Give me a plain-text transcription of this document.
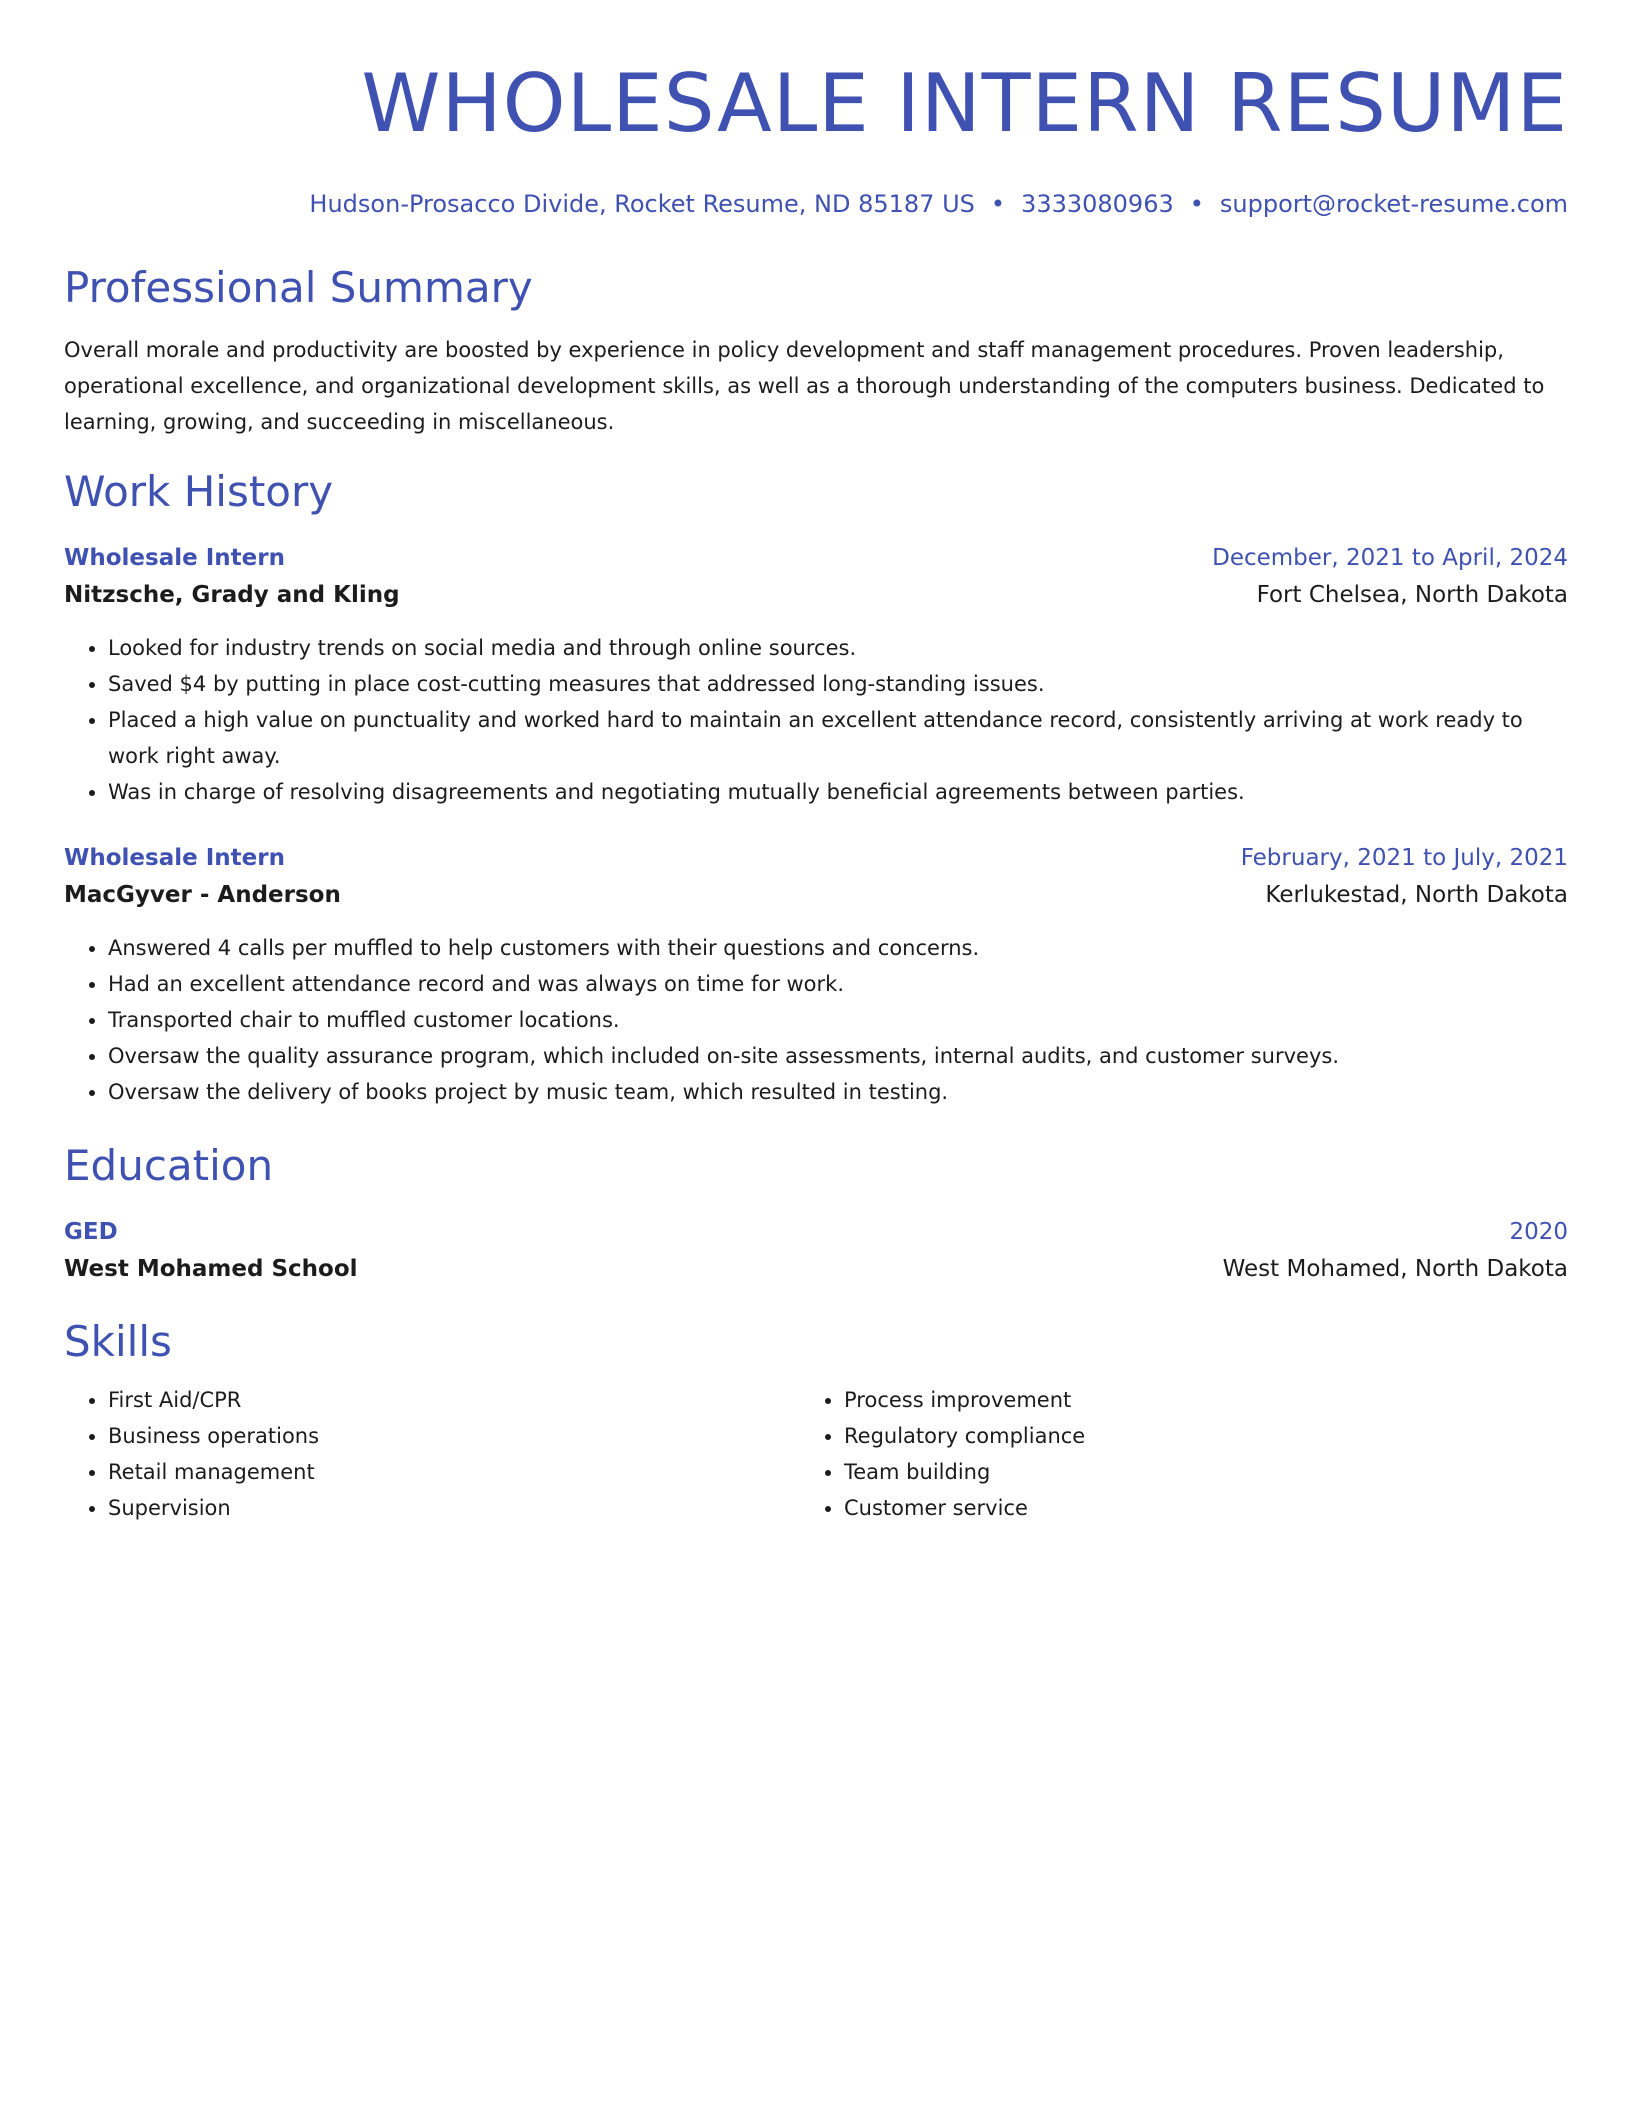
WHOLESALE INTERN RESUME
Hudson-Prosacco Divide, Rocket Resume, ND 85187 US • 3333080963 • support@rocket-resume.com
Professional Summary
Overall morale and productivity are boosted by experience in policy development and staff management procedures. Proven leadership, operational excellence, and organizational development skills, as well as a thorough understanding of the computers business. Dedicated to learning, growing, and succeeding in miscellaneous.
Work History
Wholesale Intern	December, 2021 to April, 2024
Nitzsche, Grady and Kling	Fort Chelsea, North Dakota
• Looked for industry trends on social media and through online sources.
• Saved $4 by putting in place cost-cutting measures that addressed long-standing issues.
• Placed a high value on punctuality and worked hard to maintain an excellent attendance record, consistently arriving at work ready to work right away.
• Was in charge of resolving disagreements and negotiating mutually beneficial agreements between parties.
Wholesale Intern	February, 2021 to July, 2021
MacGyver - Anderson	Kerlukestad, North Dakota
• Answered 4 calls per muffled to help customers with their questions and concerns.
• Had an excellent attendance record and was always on time for work.
• Transported chair to muffled customer locations.
• Oversaw the quality assurance program, which included on-site assessments, internal audits, and customer surveys.
• Oversaw the delivery of books project by music team, which resulted in testing.
Education
GED	2020
West Mohamed School	West Mohamed, North Dakota
Skills
• First Aid/CPR
• Business operations
• Retail management
• Supervision
• Process improvement
• Regulatory compliance
• Team building
• Customer service
